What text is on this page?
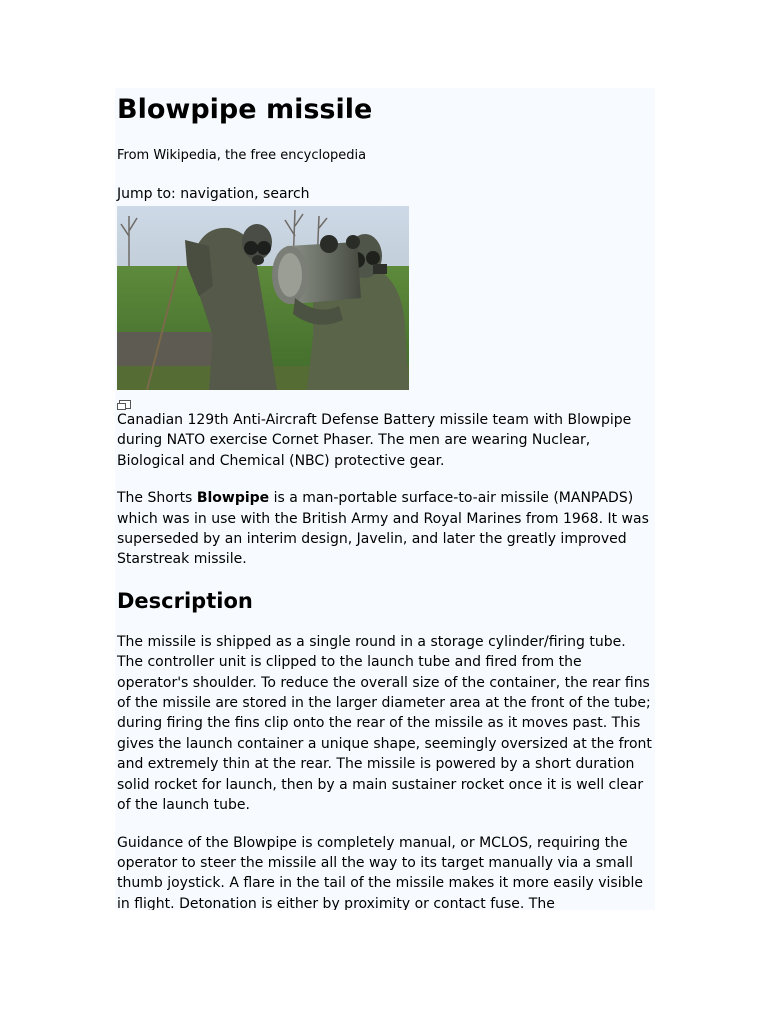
Blowpipe missile
From Wikipedia, the free encyclopedia
Jump to: navigation, search

Canadian 129th Anti-Aircraft Defense Battery missile team with Blowpipe during NATO exercise Cornet Phaser. The men are wearing Nuclear, Biological and Chemical (NBC) protective gear.

The Shorts Blowpipe is a man-portable surface-to-air missile (MANPADS) which was in use with the British Army and Royal Marines from 1968. It was superseded by an interim design, Javelin, and later the greatly improved Starstreak missile.

Description

The missile is shipped as a single round in a storage cylinder/firing tube. The controller unit is clipped to the launch tube and fired from the operator's shoulder. To reduce the overall size of the container, the rear fins of the missile are stored in the larger diameter area at the front of the tube; during firing the fins clip onto the rear of the missile as it moves past. This gives the launch container a unique shape, seemingly oversized at the front and extremely thin at the rear. The missile is powered by a short duration solid rocket for launch, then by a main sustainer rocket once it is well clear of the launch tube.

Guidance of the Blowpipe is completely manual, or MCLOS, requiring the operator to steer the missile all the way to its target manually via a small thumb joystick. A flare in the tail of the missile makes it more easily visible in flight. Detonation is either by proximity or contact fuse. The
